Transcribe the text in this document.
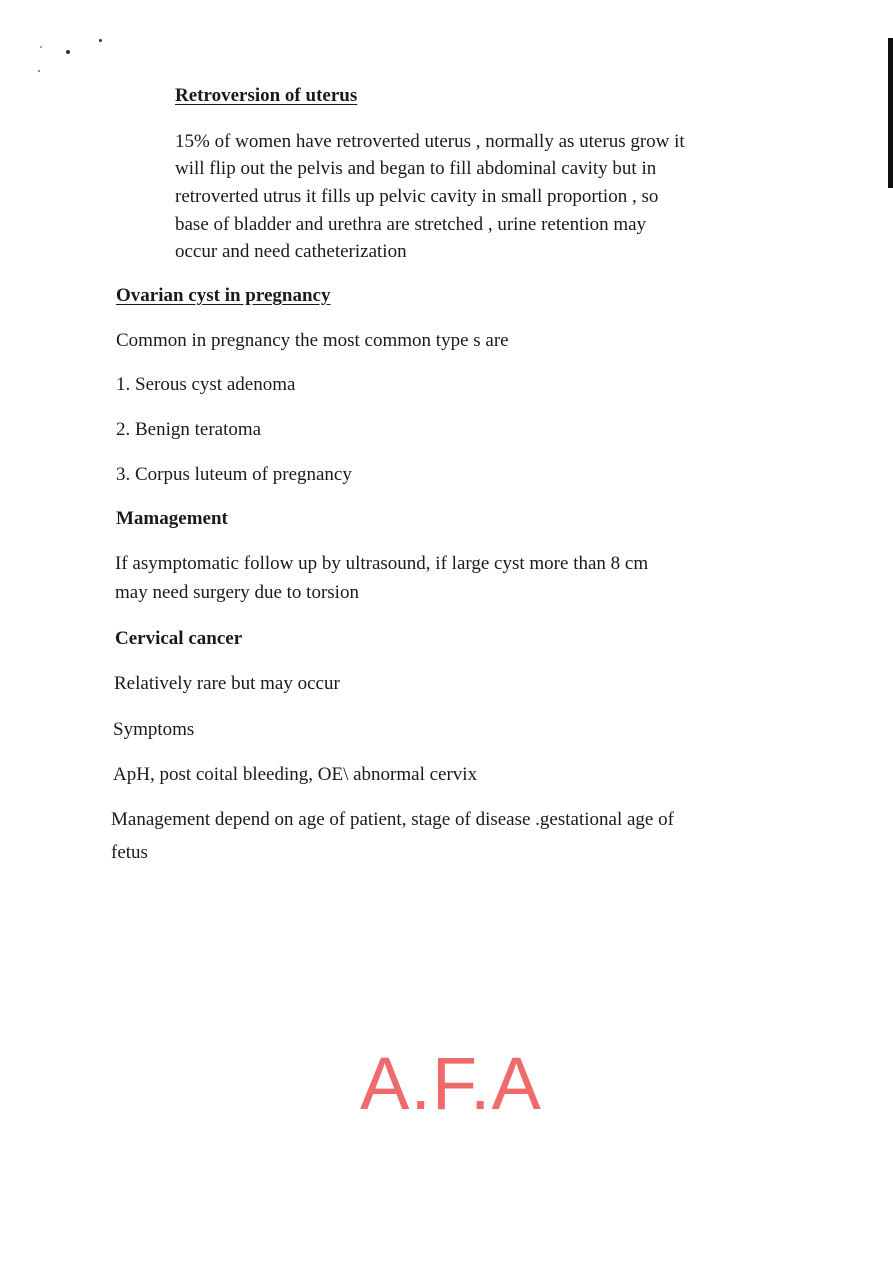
Retroversion of uterus
15% of women have retroverted uterus , normally as uterus grow it
will flip out the pelvis and began to fill abdominal cavity but in
retroverted utrus it fills up pelvic cavity in small proportion , so
base of bladder and urethra are stretched , urine retention may
occur and need catheterization
Ovarian cyst in pregnancy
Common in pregnancy the most common type s are
1. Serous cyst adenoma
2. Benign teratoma
3. Corpus luteum of pregnancy
Mamagement
If asymptomatic follow up by ultrasound, if large cyst more than 8 cm
may need surgery due to torsion
Cervical cancer
Relatively rare but may occur
Symptoms
ApH, post coital bleeding, OE\ abnormal cervix
Management depend on age of patient, stage of disease .gestational age of
fetus
A.F.A
